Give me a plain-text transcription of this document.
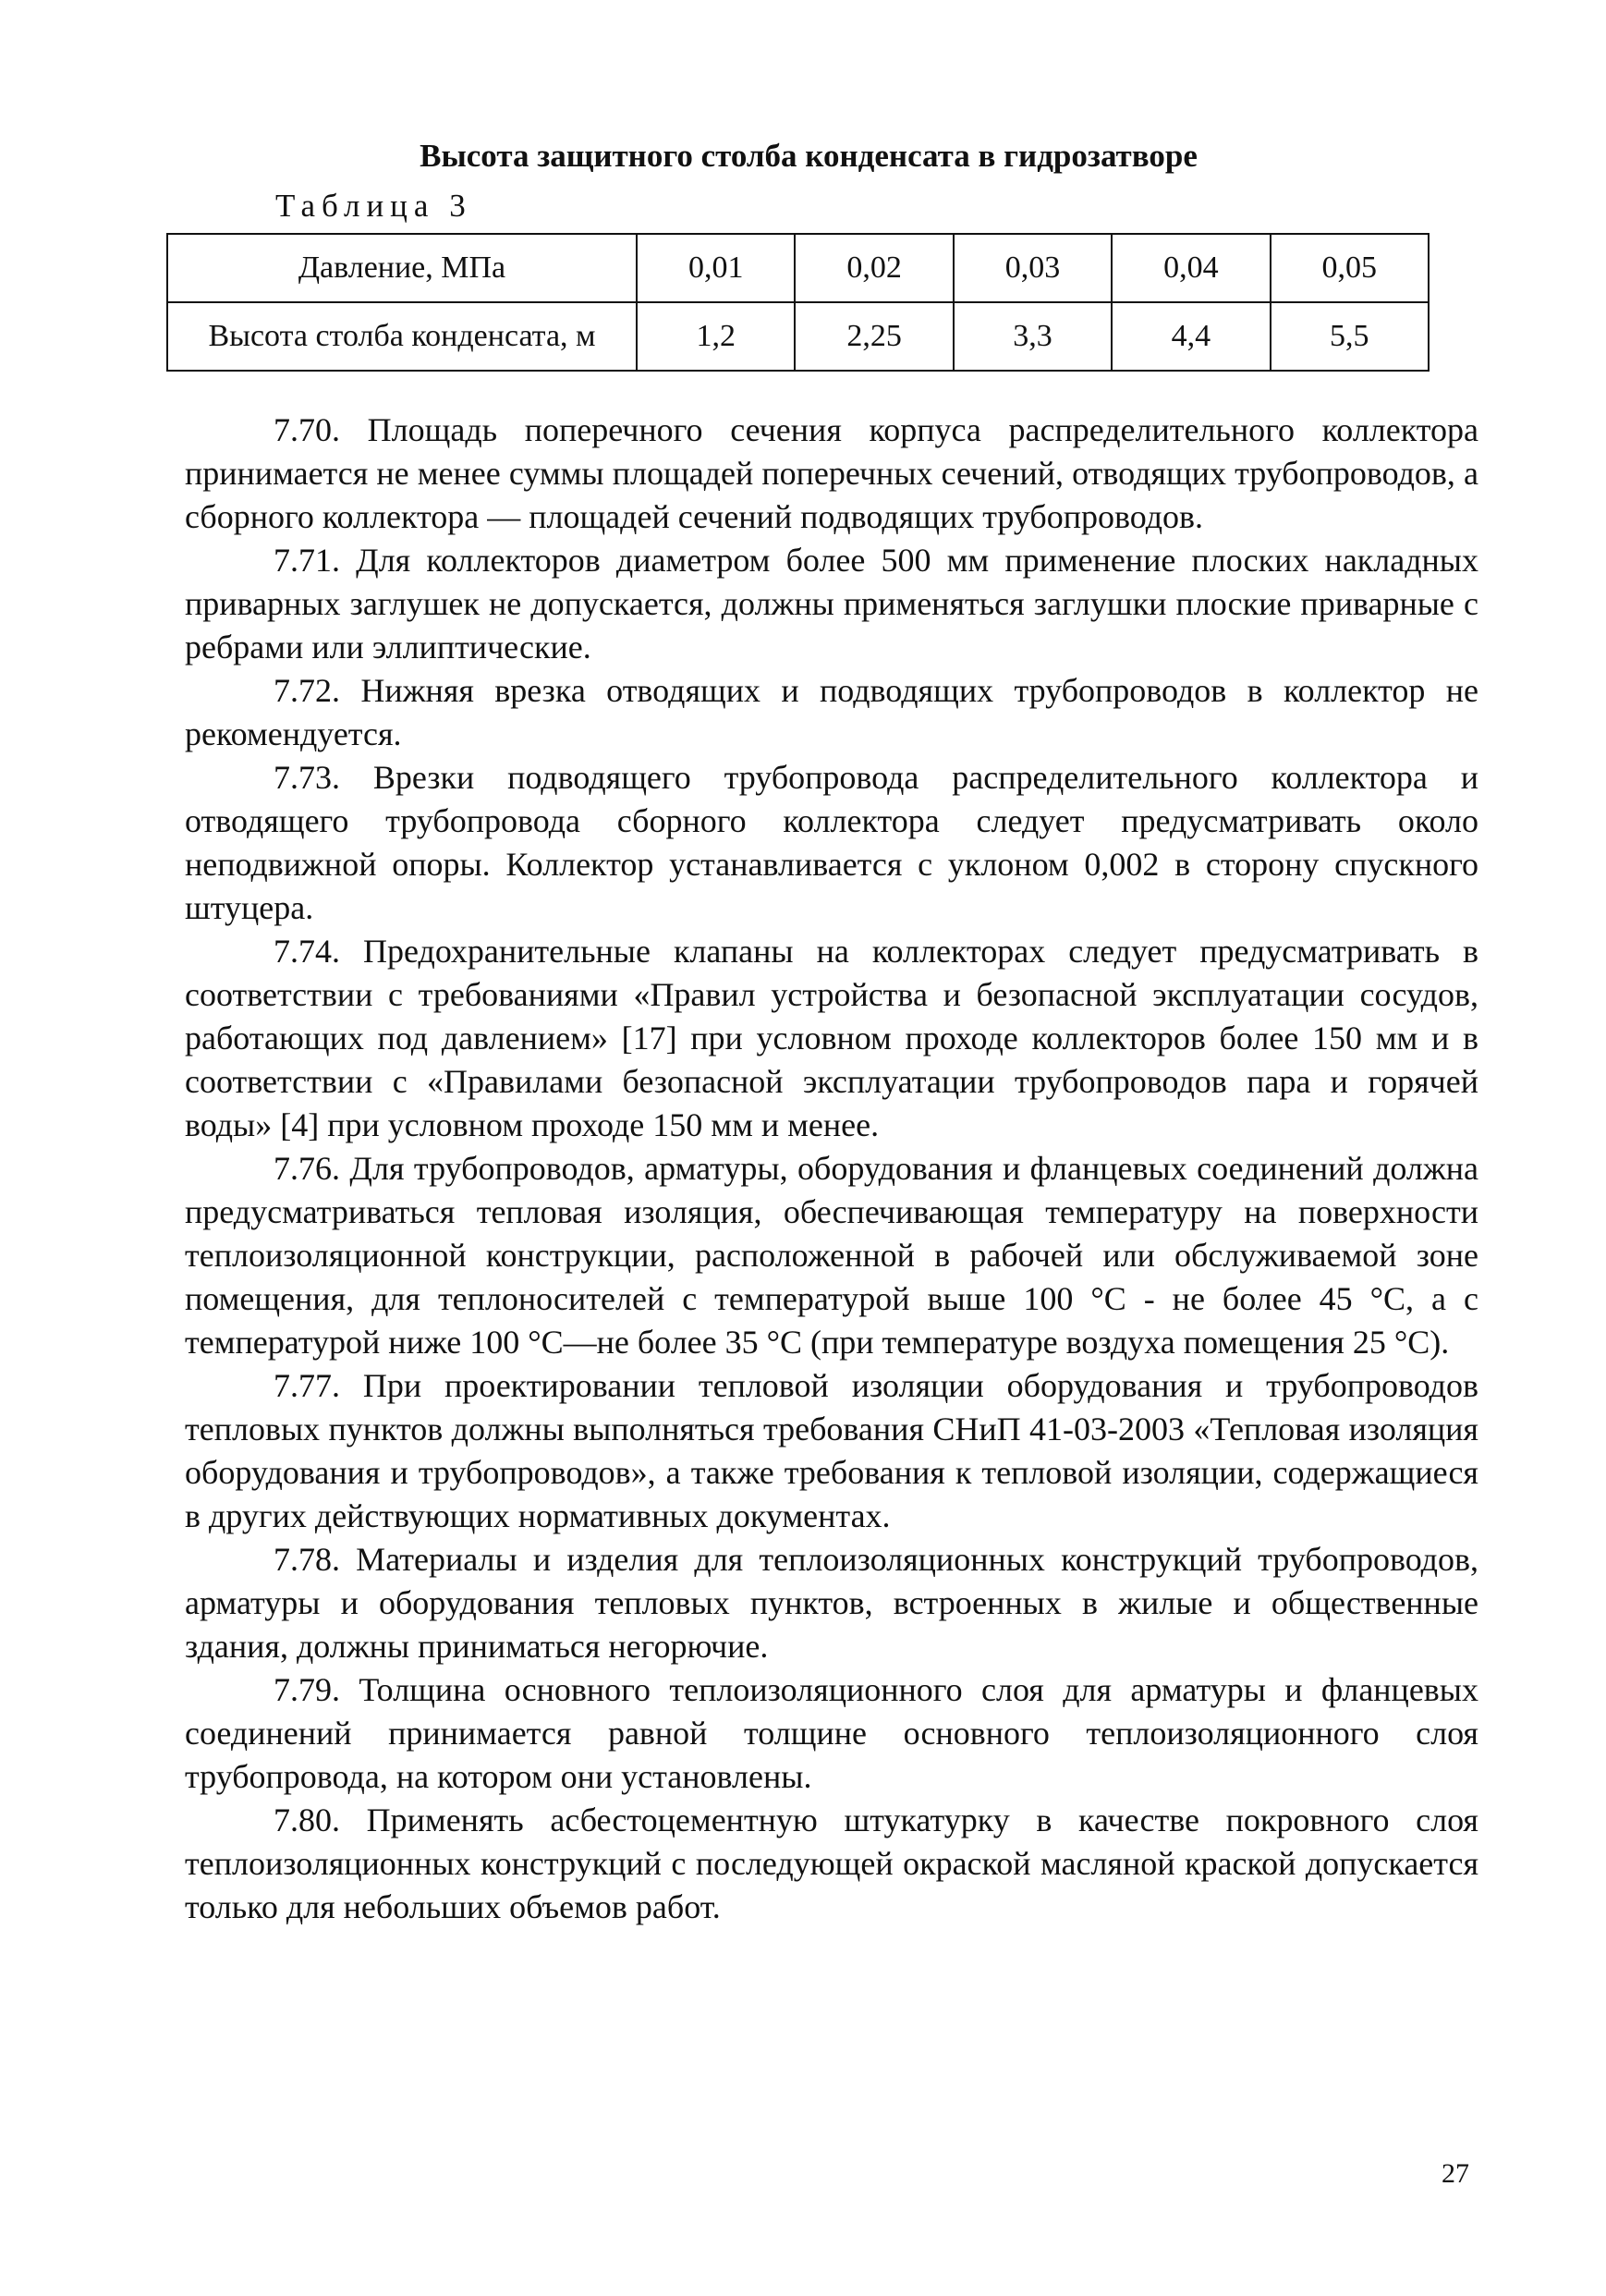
Высота защитного столба конденсата в гидрозатворе
Таблица 3
Давление, МПа	0,01	0,02	0,03	0,04	0,05
Высота столба конденсата, м	1,2	2,25	3,3	4,4	5,5

7.70. Площадь поперечного сечения корпуса распределительного коллектора принимается не менее суммы площадей поперечных сечений, отводящих трубопроводов, а сборного коллектора — площадей сечений подводящих трубопроводов.

7.71. Для коллекторов диаметром более 500 мм применение плоских накладных приварных заглушек не допускается, должны применяться заглушки плоские приварные с ребрами или эллиптические.

7.72. Нижняя врезка отводящих и подводящих трубопроводов в коллектор не рекомендуется.

7.73. Врезки подводящего трубопровода распределительного коллектора и отводящего трубопровода сборного коллектора следует предусматривать около неподвижной опоры. Коллектор устанавливается с уклоном 0,002 в сторону спускного штуцера.

7.74. Предохранительные клапаны на коллекторах следует предусматривать в соответствии с требованиями «Правил устройства и безопасной эксплуатации сосудов, работающих под давлением» [17] при условном проходе коллекторов более 150 мм и в соответствии с «Правилами безопасной эксплуатации трубопроводов пара и горячей воды» [4] при условном проходе 150 мм и менее.

7.76. Для трубопроводов, арматуры, оборудования и фланцевых соединений должна предусматриваться тепловая изоляция, обеспечивающая температуру на поверхности теплоизоляционной конструкции, расположенной в рабочей или обслуживаемой зоне помещения, для теплоносителей с температурой выше 100 °С - не более 45 °С, а с температурой ниже 100 °С—не более 35 °С (при температуре воздуха помещения 25 °С).

7.77. При проектировании тепловой изоляции оборудования и трубопроводов тепловых пунктов должны выполняться требования СНиП 41-03-2003 «Тепловая изоляция оборудования и трубопроводов», а также требования к тепловой изоляции, содержащиеся в других действующих нормативных документах.

7.78. Материалы и изделия для теплоизоляционных конструкций трубопроводов, арматуры и оборудования тепловых пунктов, встроенных в жилые и общественные здания, должны приниматься негорючие.

7.79. Толщина основного теплоизоляционного слоя для арматуры и фланцевых соединений принимается равной толщине основного теплоизоляционного слоя трубопровода, на котором они установлены.

7.80. Применять асбестоцементную штукатурку в качестве покровного слоя теплоизоляционных конструкций с последующей окраской масляной краской допускается только для небольших объемов работ.

27
